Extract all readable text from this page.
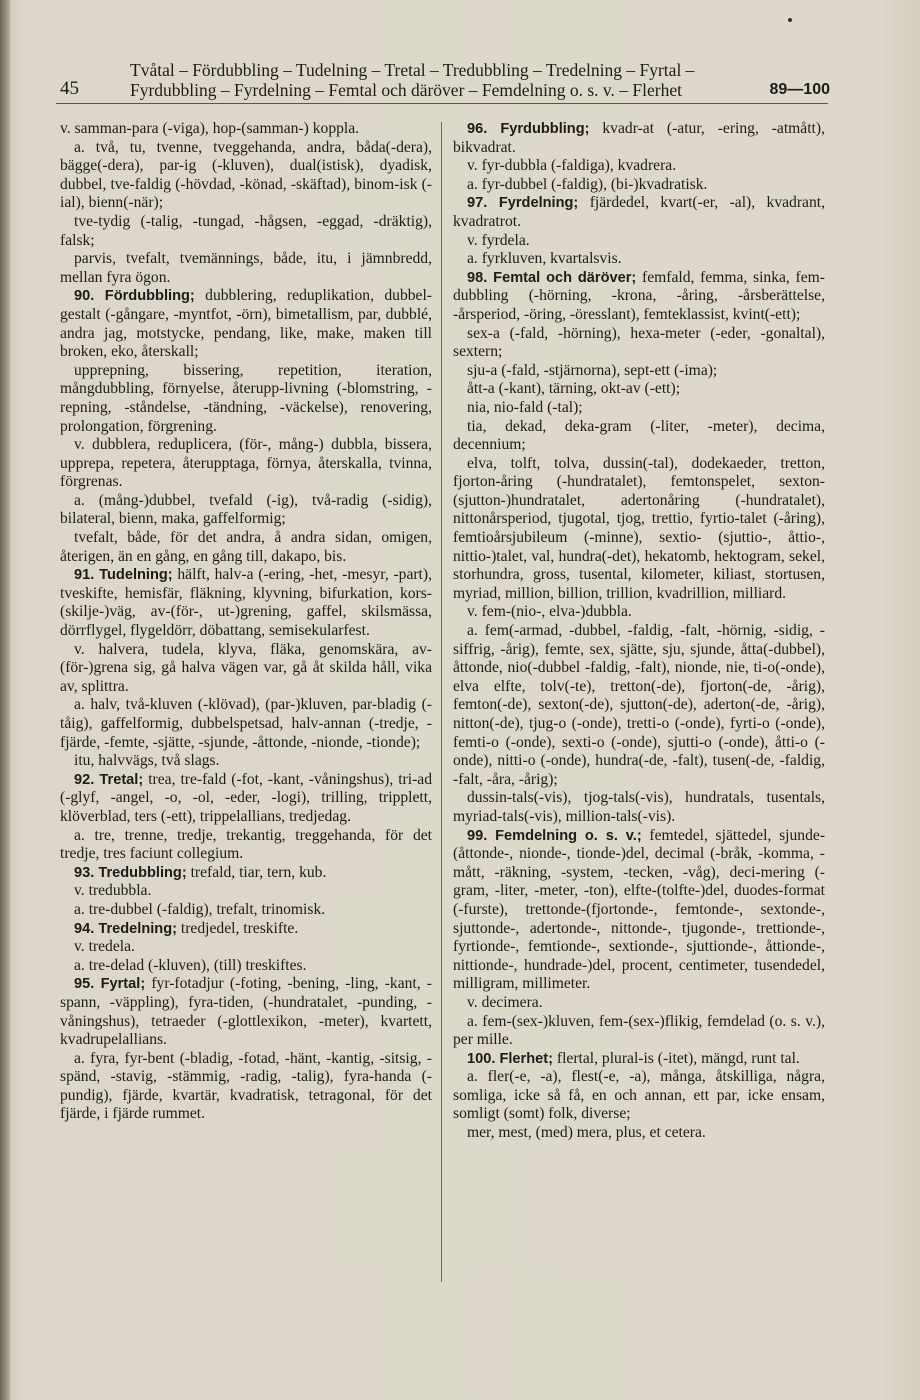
45
Tvåtal – Fördubbling – Tudelning – Tretal – Tredubbling – Tredelning – Fyrtal –
Fyrdubbling – Fyrdelning – Femtal och däröver – Femdelning o. s. v. – Flerhet	89—100

v. samman-para (-viga), hop-(samman-) koppla.

a. två, tu, tvenne, tveggehanda, andra, båda(-dera), bägge(-dera), par-ig (-kluven), dual(istisk), dyadisk, dubbel, tve-faldig (-hövdad, -könad, -skäftad), binom-isk (-ial), bienn(-när);

tve-tydig (-talig, -tungad, -hågsen, -eggad, -dräktig), falsk;

parvis, tvefalt, tvemännings, både, itu, i jämnbredd, mellan fyra ögon.

90. Fördubbling; dubblering, reduplikation, dubbel-gestalt (-gångare, -myntfot, -örn), bimetallism, par, dubblé, andra jag, motstycke, pendang, like, make, maken till broken, eko, återskall;

upprepning, bissering, repetition, iteration, mångdubbling, förnyelse, återupp-livning (-blomstring, -repning, -ståndelse, -tändning, -väckelse), renovering, prolongation, förgrening.

v. dubblera, reduplicera, (för-, mång-) dubbla, bissera, upprepa, repetera, återupptaga, förnya, återskalla, tvinna, förgrenas.

a. (mång-)dubbel, tvefald (-ig), två-radig (-sidig), bilateral, bienn, maka, gaffelformig;

tvefalt, både, för det andra, å andra sidan, omigen, återigen, än en gång, en gång till, dakapo, bis.

91. Tudelning; hälft, halv-a (-ering, -het, -mesyr, -part), tveskifte, hemisfär, fläkning, klyvning, bifurkation, kors-(skilje-)väg, av-(för-, ut-)grening, gaffel, skilsmässa, dörrflygel, flygeldörr, döbattang, semisekularfest.

v. halvera, tudela, klyva, fläka, genomskära, av-(för-)grena sig, gå halva vägen var, gå åt skilda håll, vika av, splittra.

a. halv, två-kluven (-klövad), (par-)kluven, par-bladig (-tåig), gaffelformig, dubbelspetsad, halv-annan (-tredje, -fjärde, -femte, -sjätte, -sjunde, -åttonde, -nionde, -tionde);

itu, halvvägs, två slags.

92. Tretal; trea, tre-fald (-fot, -kant, -våningshus), tri-ad (-glyf, -angel, -o, -ol, -eder, -logi), trilling, tripplett, klöverblad, ters (-ett), trippelallians, tredjedag.

a. tre, trenne, tredje, trekantig, treggehanda, för det tredje, tres faciunt collegium.

93. Tredubbling; trefald, tiar, tern, kub.

v. tredubbla.

a. tre-dubbel (-faldig), trefalt, trinomisk.

94. Tredelning; tredjedel, treskifte.

v. tredela.

a. tre-delad (-kluven), (till) treskiftes.

95. Fyrtal; fyr-fotadjur (-foting, -bening, -ling, -kant, -spann, -väppling), fyra-tiden, (-hundratalet, -punding, -våningshus), tetraeder (-glottlexikon, -meter), kvartett, kvadrupelallians.

a. fyra, fyr-bent (-bladig, -fotad, -hänt, -kantig, -sitsig, -spänd, -stavig, -stämmig, -radig, -talig), fyra-handa (-pundig), fjärde, kvartär, kvadratisk, tetragonal, för det fjärde, i fjärde rummet.

96. Fyrdubbling; kvadr-at (-atur, -ering, -atmått), bikvadrat.

v. fyr-dubbla (-faldiga), kvadrera.

a. fyr-dubbel (-faldig), (bi-)kvadratisk.

97. Fyrdelning; fjärdedel, kvart(-er, -al), kvadrant, kvadratrot.

v. fyrdela.

a. fyrkluven, kvartalsvis.

98. Femtal och däröver; femfald, femma, sinka, fem-dubbling (-hörning, -krona, -åring, -årsberättelse, -årsperiod, -öring, -öresslant), femteklassist, kvint(-ett);

sex-a (-fald, -hörning), hexa-meter (-eder, -gonaltal), sextern;

sju-a (-fald, -stjärnorna), sept-ett (-ima);

ått-a (-kant), tärning, okt-av (-ett);

nia, nio-fald (-tal);

tia, dekad, deka-gram (-liter, -meter), decima, decennium;

elva, tolft, tolva, dussin(-tal), dodekaeder, tretton, fjorton-åring (-hundratalet), femtonspelet, sexton-(sjutton-)hundratalet, adertonåring (-hundratalet), nittonårsperiod, tjugotal, tjog, trettio, fyrtio-talet (-åring), femtioårsjubileum (-minne), sextio- (sjuttio-, åttio-, nittio-)talet, val, hundra(-det), hekatomb, hektogram, sekel, storhundra, gross, tusental, kilometer, kiliast, stortusen, myriad, million, billion, trillion, kvadrillion, milliard.

v. fem-(nio-, elva-)dubbla.

a. fem(-armad, -dubbel, -faldig, -falt, -hörnig, -sidig, -siffrig, -årig), femte, sex, sjätte, sju, sjunde, åtta(-dubbel), åttonde, nio(-dubbel -faldig, -falt), nionde, nie, ti-o(-onde), elva elfte, tolv(-te), tretton(-de), fjorton(-de, -årig), femton(-de), sexton(-de), sjutton(-de), aderton(-de, -årig), nitton(-de), tjug-o (-onde), tretti-o (-onde), fyrti-o (-onde), femti-o (-onde), sexti-o (-onde), sjutti-o (-onde), åtti-o (-onde), nitti-o (-onde), hundra(-de, -falt), tusen(-de, -faldig, -falt, -åra, -årig);

dussin-tals(-vis), tjog-tals(-vis), hundratals, tusentals, myriad-tals(-vis), million-tals(-vis).

99. Femdelning o. s. v.; femtedel, sjättedel, sjunde-(åttonde-, nionde-, tionde-)del, decimal (-bråk, -komma, -mått, -räkning, -system, -tecken, -våg), deci-mering (-gram, -liter, -meter, -ton), elfte-(tolfte-)del, duodes-format (-furste), trettonde-(fjortonde-, femtonde-, sextonde-, sjuttonde-, adertonde-, nittonde-, tjugonde-, trettionde-, fyrtionde-, femtionde-, sextionde-, sjuttionde-, åttionde-, nittionde-, hundrade-)del, procent, centimeter, tusendedel, milligram, millimeter.

v. decimera.

a. fem-(sex-)kluven, fem-(sex-)flikig, femdelad (o. s. v.), per mille.

100. Flerhet; flertal, plural-is (-itet), mängd, runt tal.

a. fler(-e, -a), flest(-e, -a), många, åtskilliga, några, somliga, icke så få, en och annan, ett par, icke ensam, somligt (somt) folk, diverse;

mer, mest, (med) mera, plus, et cetera.
